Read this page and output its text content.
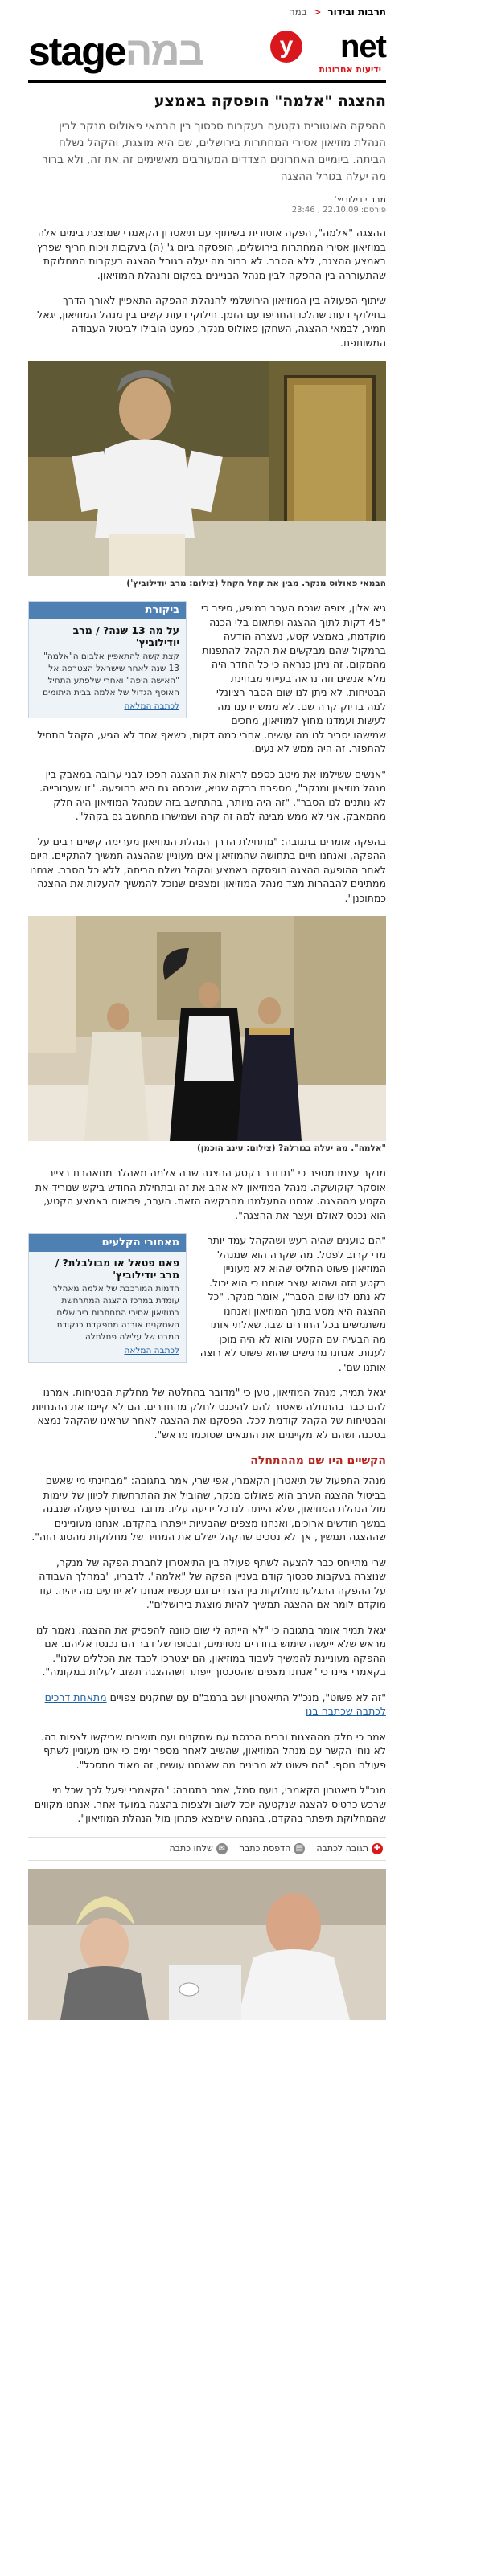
תרבות ובידור < במה
y net
ידיעות אחרונות
stageבמה
ההצגה "אלמה" הופסקה באמצע

ההפקה האוטורית נקטעה בעקבות סכסוך בין הבמאי פאולוס מנקר לבין הנהלת מוזיאון אסירי המחתרות בירושלים, שם היא מוצגת, והקהל נשלח הביתה. ביומיים האחרונים הצדדים המעורבים מאשימים זה את זה, ולא ברור מה יעלה בגורל ההצגה

מרב יודילוביץ'

פורסם: 22.10.09 , 23:46

ההצגה "אלמה", הפקה אוטורית בשיתוף עם תיאטרון הקאמרי שמוצגת בימים אלה במוזיאון אסירי המחתרות בירושלים, הופסקה ביום ג' (ה) בעקבות ויכוח חריף שפרץ באמצע ההצגה, ללא הסבר. לא ברור מה יעלה בגורל ההצגה בעקבות המחלוקת שהתעוררה בין ההפקה לבין מנהל הבניינים במקום והנהלת המוזיאון.

שיתוף הפעולה בין המוזיאון הירושלמי להנהלת ההפקה התאפיין לאורך הדרך בחילוקי דעות שהלכו והחריפו עם הזמן. חילוקי דעות קשים בין מנהל המוזיאון, יגאל תמיר, לבמאי ההצגה, השחקן פאולוס מנקר, כמעט הובילו לביטול העבודה המשותפת.

הבמאי פאולוס מנקר. מבין את קהל הקהל (צילום: מרב יודילוביץ')
ביקורת
על מה 13 שנה? / מרב יודילוביץ'
קצת קשה להתאפיין אלבום ה"אלמה" 13 שנה לאחר שישראל הצטרפה אל "האישה היפה" ואחרי שלפתע התחיל האוסף הגדול של אלמה בבית היתומים
לכתבה המלאה

גיא אלון, צופה שנכח הערב במופע, סיפר כי "45 דקות לתוך ההצגה ופתאום בלי הכנה מוקדמת, באמצע קטע, נעצרה הודעה ברמקול שהם מבקשים את הקהל להתפנות מהמקום. זה ניתן כנראה כי כל החדר היה מלא אנשים וזה נראה בעייתי מבחינת הבטיחות. לא ניתן לנו שום הסבר רציונלי למה בדיוק קרה שם. לא ממש ידענו מה לעשות ועמדנו מחוץ למוזיאון, מחכים שמישהו יסביר לנו מה עושים. אחרי כמה דקות, כשאף אחד לא הגיע, הקהל התחיל להתפזר. זה היה ממש לא נעים.

"אנשים ששילמו את מיטב כספם לראות את ההצגה הפכו לבני ערובה במאבק בין מנהל מוזיאון ומנקר", מספרת רבקה שגיא, שנכחה גם היא בהופעה. "זו שערורייה. לא נותנים לנו הסבר". "זה היה מיותר, בהתחשב בזה שמנהל המוזיאון היה חלק מהמאבק. אני לא ממש מבינה למה זה קרה ושמישהו מתחשב גם בקהל".

בהפקה אומרים בתגובה: "מתחילת הדרך הנהלת המוזיאון מערימה קשיים רבים על ההפקה, ואנחנו חיים בתחושה שהמוזיאון אינו מעוניין שההצגה תמשיך להתקיים. היום לאחר ההופעה ההצגה הופסקה באמצע והקהל נשלח הביתה, ללא כל הסבר. אנחנו ממתינים להבהרות מצד מנהל המוזיאון ומצפים שנוכל להמשיך להעלות את ההצגה כמתוכנן".

"אלמה". מה יעלה בגורלה? (צילום: עינב הוכמן)

מנקר עצמו מספר כי "מדובר בקטע ההצגה שבה אלמה מאהלר מתאהבת בצייר אוסקר קוקושקה. מנהל המוזיאון לא אהב את זה ובתחילת החודש ביקש שנוריד את הקטע מההצגה. אנחנו התעלמנו מהבקשה הזאת. הערב, פתאום באמצע הקטע, הוא נכנס לאולם ועצר את ההצגה".

מאחורי הקלעים
פאם פטאל או מבולבלת? / מרב יודילוביץ'
הדמות המורכבת של אלמה מאהלר עומדת במרכז ההצגה המתרחשת במוזיאון אסירי המחתרות בירושלים. השחקנית אורנה מתפקדת כנקודת המבט של עלילה פתלתלה
לכתבה המלאה

"הם טוענים שהיה רעש ושהקהל עמד יותר מדי קרוב לפסל. מה שקרה הוא שמנהל המוזיאון פשוט החליט שהוא לא מעוניין בקטע הזה ושהוא עוצר אותנו כי הוא יכול. לא נתנו לנו שום הסבר", אומר מנקר. "כל ההצגה היא מסע בתוך המוזיאון ואנחנו משתמשים בכל החדרים שבו. שאלתי אותו מה הבעיה עם הקטע והוא לא היה מוכן לענות. אנחנו מרגישים שהוא פשוט לא רוצה אותנו שם".

יגאל תמיר, מנהל המוזיאון, טען כי "מדובר בהחלטה של מחלקת הבטיחות. אמרנו להם כבר בהתחלה שאסור להם להיכנס לחלק מהחדרים. הם לא קיימו את ההנחיות והבטיחות של הקהל קודמת לכל. הפסקנו את ההצגה לאחר שראינו שהקהל נמצא בסכנה ושהם לא מקיימים את התנאים שסוכמו מראש".

הקשיים היו שם מההתחלה

מנהל התפעול של תיאטרון הקאמרי, אפי שרי, אמר בתגובה: "מבחינתי מי שאשם בביטול ההצגה הערב הוא פאולוס מנקר, שהוביל את ההתרחשות לכיוון של עימות מול הנהלת המוזיאון, שלא הייתה לנו כל ידיעה עליו. מדובר בשיתוף פעולה שנבנה במשך חודשים ארוכים, ואנחנו מצפים שהבעיות ייפתרו בהקדם. אנחנו מעוניינים שההצגה תמשיך, אך לא נסכים שהקהל ישלם את המחיר של מחלוקות מהסוג הזה".

שרי מתייחס כבר להצעה לשתף פעולה בין התיאטרון לחברת הפקה של מנקר, שנוצרה בעקבות סכסוך קודם בעניין הפקה של "אלמה". לדבריו, "במהלך העבודה על ההפקה התגלעו מחלוקות בין הצדדים וגם עכשיו אנחנו לא יודעים מה יהיה. עוד מוקדם לומר אם ההצגה תמשיך להיות מוצגת בירושלים".

יגאל תמיר אומר בתגובה כי "לא הייתה לי שום כוונה להפסיק את ההצגה. נאמר לנו מראש שלא ייעשה שימוש בחדרים מסוימים, ובסופו של דבר הם נכנסו אליהם. אם ההפקה מעוניינת להמשיך לעבוד במוזיאון, הם יצטרכו לכבד את הכללים שלנו". בקאמרי ציינו כי "אנחנו מצפים שהסכסוך ייפתר ושההצגה תשוב לעלות במקומה".

"זה לא פשוט", מנכ"ל התיאטרון ישב ברמב"ם עם שחקנים צפויים מתאחת דרכים לכתבה שכתבה בנו

אמר כי חלק מההצגות ובבית הכנסת עם שחקנים ועם תושבים שביקשו לצפות בה. לא נוחי הקשר עם מנהל המוזיאון, שהשיב לאחר מספר ימים כי אינו מעוניין לשתף פעולה נוסף. "הם פשוט לא מבינים מה שאנחנו עושים, זה מאוד מתסכל".

מנכ"ל תיאטרון הקאמרי, נועם סמל, אמר בתגובה: "הקאמרי יפעל לכך שכל מי שרכש כרטיס להצגה שנקטעה יוכל לשוב ולצפות בהצגה במועד אחר. אנחנו מקווים שהמחלוקת תיפתר בהקדם, בהנחה שיימצא פתרון מול הנהלת המוזיאון".

✚
תגובה לכתבה
▤
הדפסת כתבה
✉
שלחו כתבה
